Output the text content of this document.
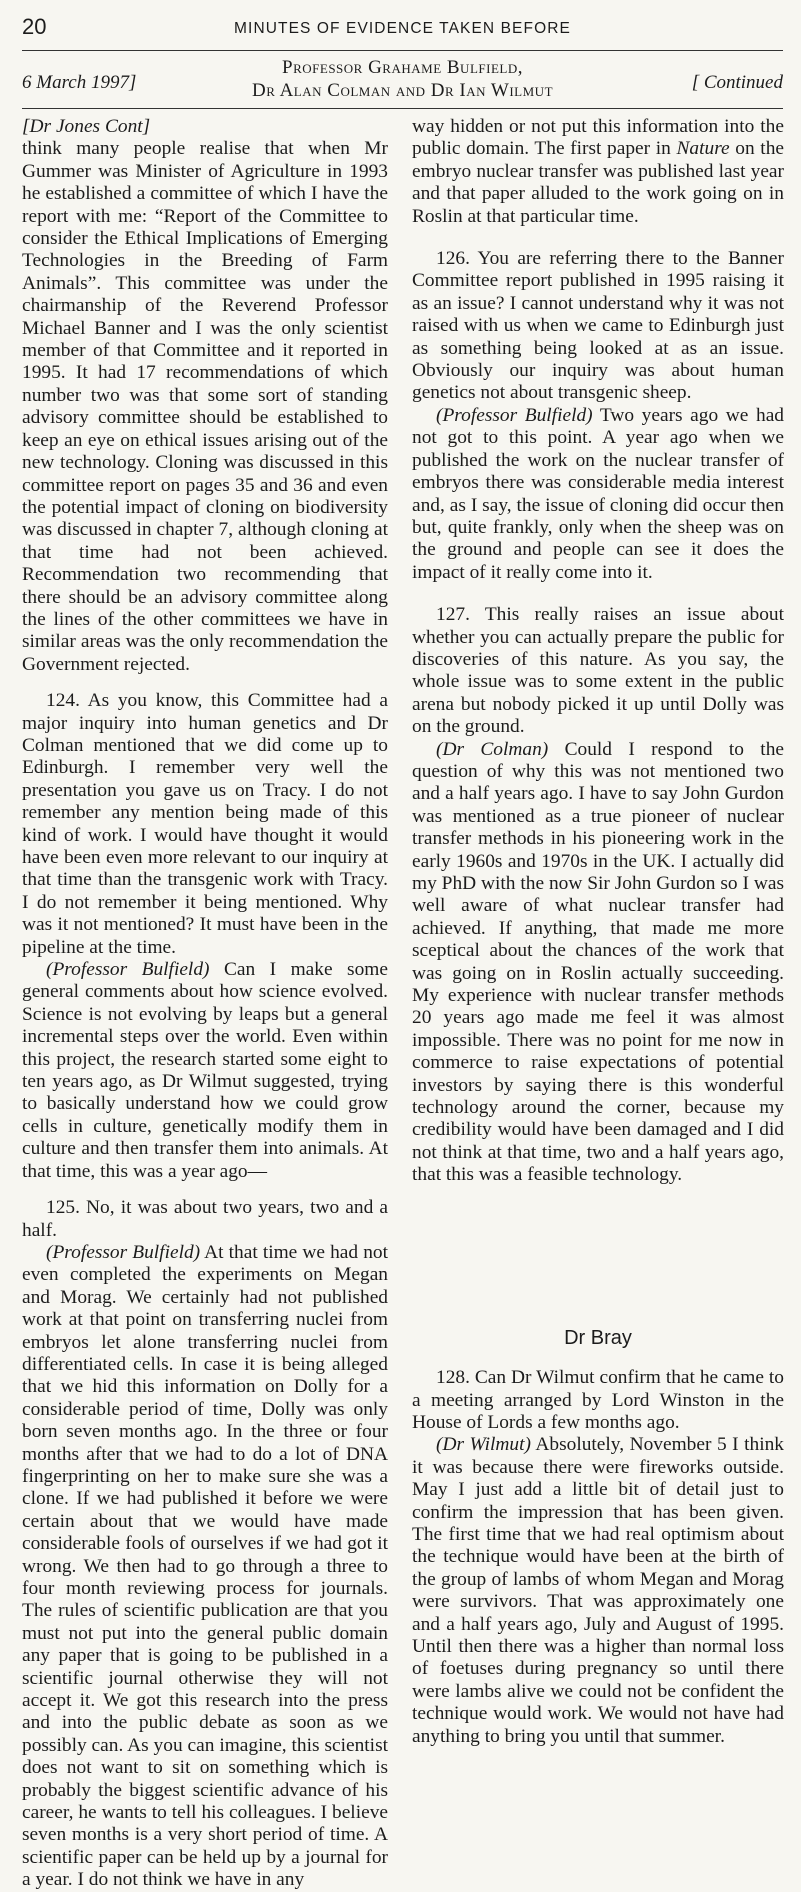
20	MINUTES OF EVIDENCE TAKEN BEFORE
6 March 1997]
Professor Grahame Bulfield,
Dr Alan Colman and Dr Ian Wilmut	[ Continued

[Dr Jones Cont]

think many people realise that when Mr Gummer was Minister of Agriculture in 1993 he established a committee of which I have the report with me: “Report of the Committee to consider the Ethical Implications of Emerging Technologies in the Breeding of Farm Animals”. This committee was under the chairmanship of the Reverend Professor Michael Banner and I was the only scientist member of that Committee and it reported in 1995. It had 17 recommendations of which number two was that some sort of standing advisory committee should be established to keep an eye on ethical issues arising out of the new technology. Cloning was discussed in this committee report on pages 35 and 36 and even the potential impact of cloning on biodiversity was discussed in chapter 7, although cloning at that time had not been achieved. Recommendation two recommending that there should be an advisory committee along the lines of the other committees we have in similar areas was the only recommendation the Government rejected.

124. As you know, this Committee had a major inquiry into human genetics and Dr Colman mentioned that we did come up to Edinburgh. I remember very well the presentation you gave us on Tracy. I do not remember any mention being made of this kind of work. I would have thought it would have been even more relevant to our inquiry at that time than the transgenic work with Tracy. I do not remember it being mentioned. Why was it not mentioned? It must have been in the pipeline at the time.

(Professor Bulfield) Can I make some general comments about how science evolved. Science is not evolving by leaps but a general incremental steps over the world. Even within this project, the research started some eight to ten years ago, as Dr Wilmut suggested, trying to basically understand how we could grow cells in culture, genetically modify them in culture and then transfer them into animals. At that time, this was a year ago—

125. No, it was about two years, two and a half.

(Professor Bulfield) At that time we had not even completed the experiments on Megan and Morag. We certainly had not published work at that point on transferring nuclei from embryos let alone transferring nuclei from differentiated cells. In case it is being alleged that we hid this information on Dolly for a considerable period of time, Dolly was only born seven months ago. In the three or four months after that we had to do a lot of DNA fingerprinting on her to make sure she was a clone. If we had published it before we were certain about that we would have made considerable fools of ourselves if we had got it wrong. We then had to go through a three to four month reviewing process for journals. The rules of scientific publication are that you must not put into the general public domain any paper that is going to be published in a scientific journal otherwise they will not accept it. We got this research into the press and into the public debate as soon as we possibly can. As you can imagine, this scientist does not want to sit on something which is probably the biggest scientific advance of his career, he wants to tell his colleagues. I believe seven months is a very short period of time. A scientific paper can be held up by a journal for a year. I do not think we have in any

way hidden or not put this information into the public domain. The first paper in Nature on the embryo nuclear transfer was published last year and that paper alluded to the work going on in Roslin at that particular time.

126. You are referring there to the Banner Committee report published in 1995 raising it as an issue? I cannot understand why it was not raised with us when we came to Edinburgh just as something being looked at as an issue. Obviously our inquiry was about human genetics not about transgenic sheep.

(Professor Bulfield) Two years ago we had not got to this point. A year ago when we published the work on the nuclear transfer of embryos there was considerable media interest and, as I say, the issue of cloning did occur then but, quite frankly, only when the sheep was on the ground and people can see it does the impact of it really come into it.

127. This really raises an issue about whether you can actually prepare the public for discoveries of this nature. As you say, the whole issue was to some extent in the public arena but nobody picked it up until Dolly was on the ground.

(Dr Colman) Could I respond to the question of why this was not mentioned two and a half years ago. I have to say John Gurdon was mentioned as a true pioneer of nuclear transfer methods in his pioneering work in the early 1960s and 1970s in the UK. I actually did my PhD with the now Sir John Gurdon so I was well aware of what nuclear transfer had achieved. If anything, that made me more sceptical about the chances of the work that was going on in Roslin actually succeeding. My experience with nuclear transfer methods 20 years ago made me feel it was almost impossible. There was no point for me now in commerce to raise expectations of potential investors by saying there is this wonderful technology around the corner, because my credibility would have been damaged and I did not think at that time, two and a half years ago, that this was a feasible technology.

Dr Bray

128. Can Dr Wilmut confirm that he came to a meeting arranged by Lord Winston in the House of Lords a few months ago.

(Dr Wilmut) Absolutely, November 5 I think it was because there were fireworks outside. May I just add a little bit of detail just to confirm the impression that has been given. The first time that we had real optimism about the technique would have been at the birth of the group of lambs of whom Megan and Morag were survivors. That was approximately one and a half years ago, July and August of 1995. Until then there was a higher than normal loss of foetuses during pregnancy so until there were lambs alive we could not be confident the technique would work. We would not have had anything to bring you until that summer.
